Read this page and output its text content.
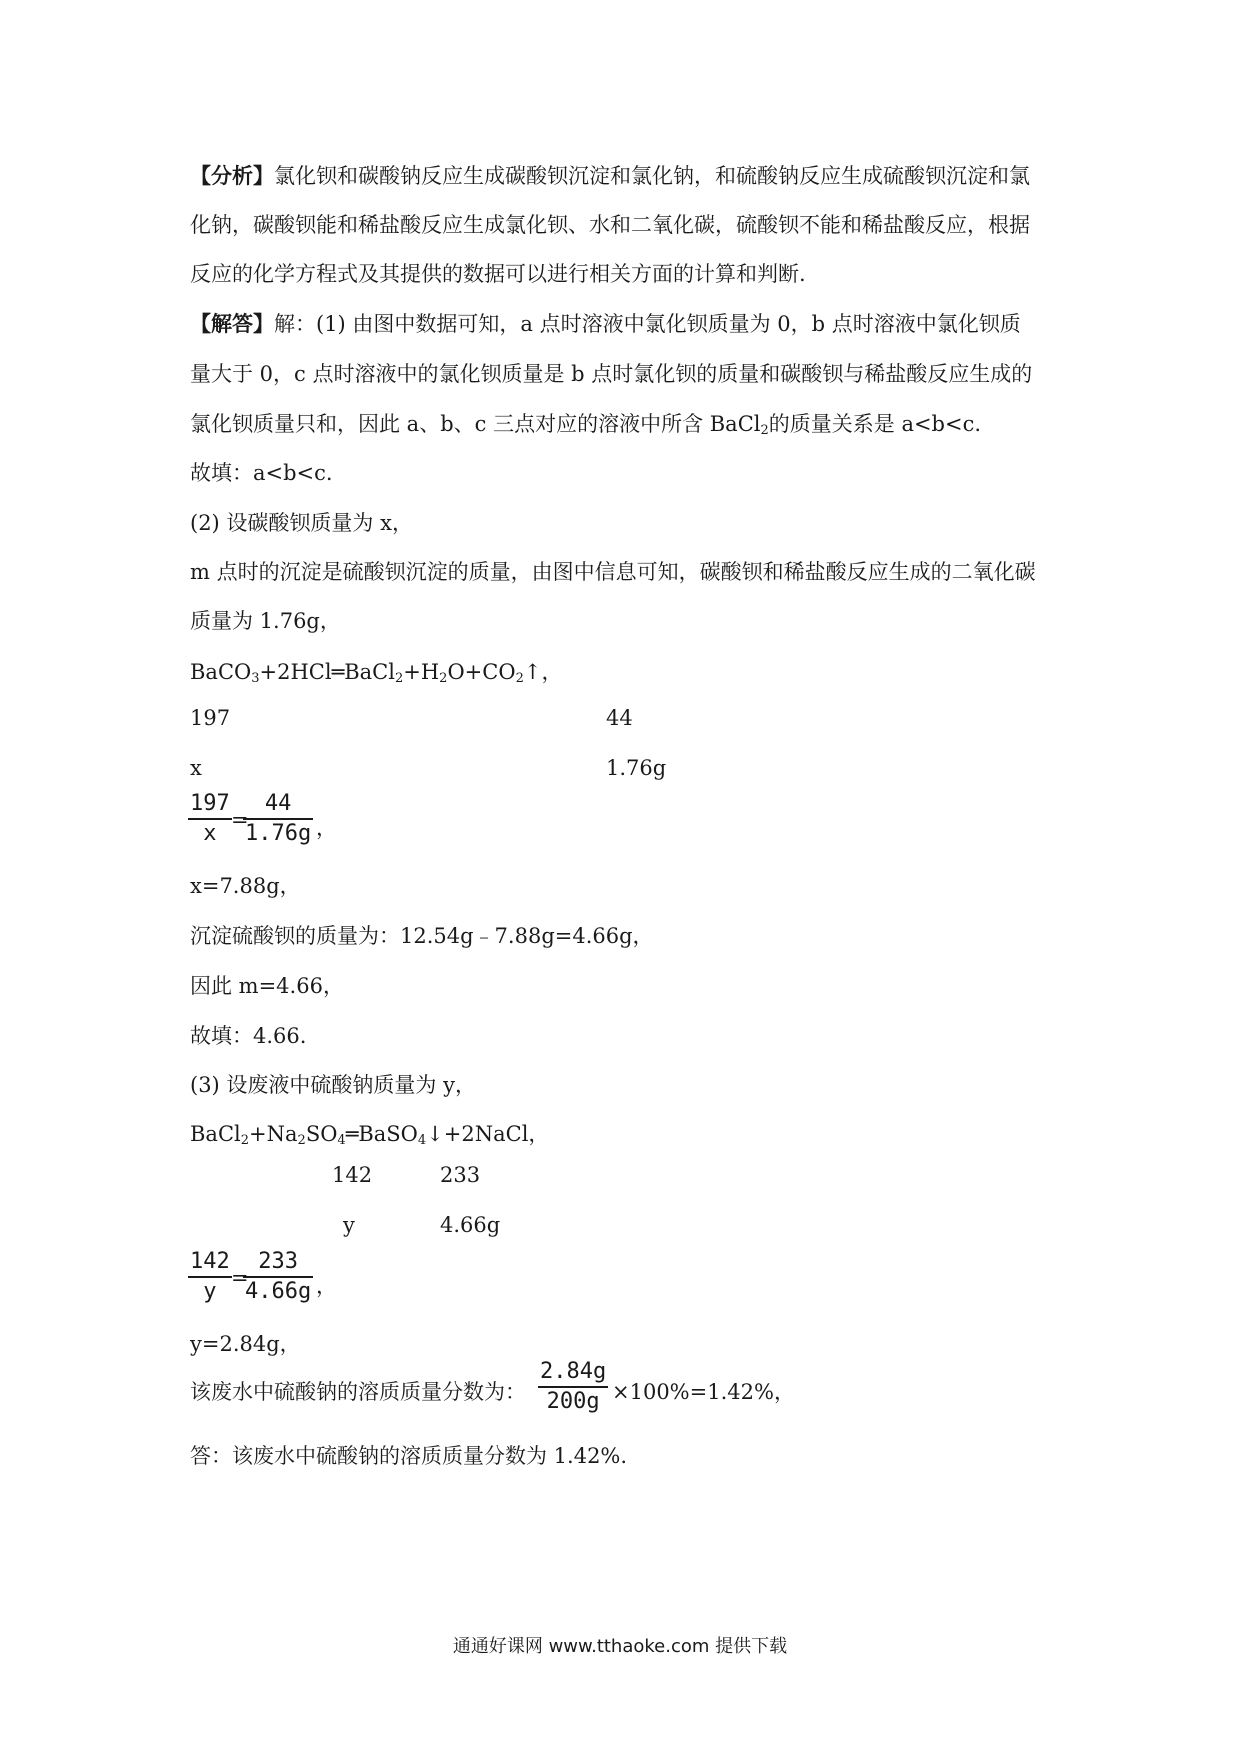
【分析】氯化钡和碳酸钠反应生成碳酸钡沉淀和氯化钠，和硫酸钠反应生成硫酸钡沉淀和氯
化钠，碳酸钡能和稀盐酸反应生成氯化钡、水和二氧化碳，硫酸钡不能和稀盐酸反应，根据
反应的化学方程式及其提供的数据可以进行相关方面的计算和判断.
【解答】解：(1) 由图中数据可知，a 点时溶液中氯化钡质量为 0，b 点时溶液中氯化钡质
量大于 0，c 点时溶液中的氯化钡质量是 b 点时氯化钡的质量和碳酸钡与稀盐酸反应生成的
氯化钡质量只和，因此 a、b、c 三点对应的溶液中所含 BaCl$_2$的质量关系是 a<b<c.
故填：a<b<c.
(2) 设碳酸钡质量为 x，
m 点时的沉淀是硫酸钡沉淀的质量，由图中信息可知，碳酸钡和稀盐酸反应生成的二氧化碳
质量为 1.76g，
$BaCO_3+2HCl═BaCl_2+H_2O+CO_2↑$，
197	44
x	1.76g
197
x
=
44
1.76g ，
x=7.88g，
沉淀硫酸钡的质量为：12.54g﹣7.88g=4.66g，
因此 m=4.66，
故填：4.66.
(3) 设废液中硫酸钠质量为 y，
$BaCl_2+Na_2SO_4═BaSO_4↓+2NaCl$，
142	233
y	4.66g
142
y
=
233
4.66g ，
y=2.84g，
该废水中硫酸钠的溶质质量分数为：
2.84g
200g ×100%=1.42%，
答：该废水中硫酸钠的溶质质量分数为 1.42%.
通通好课网 www.tthaoke.com 提供下载
